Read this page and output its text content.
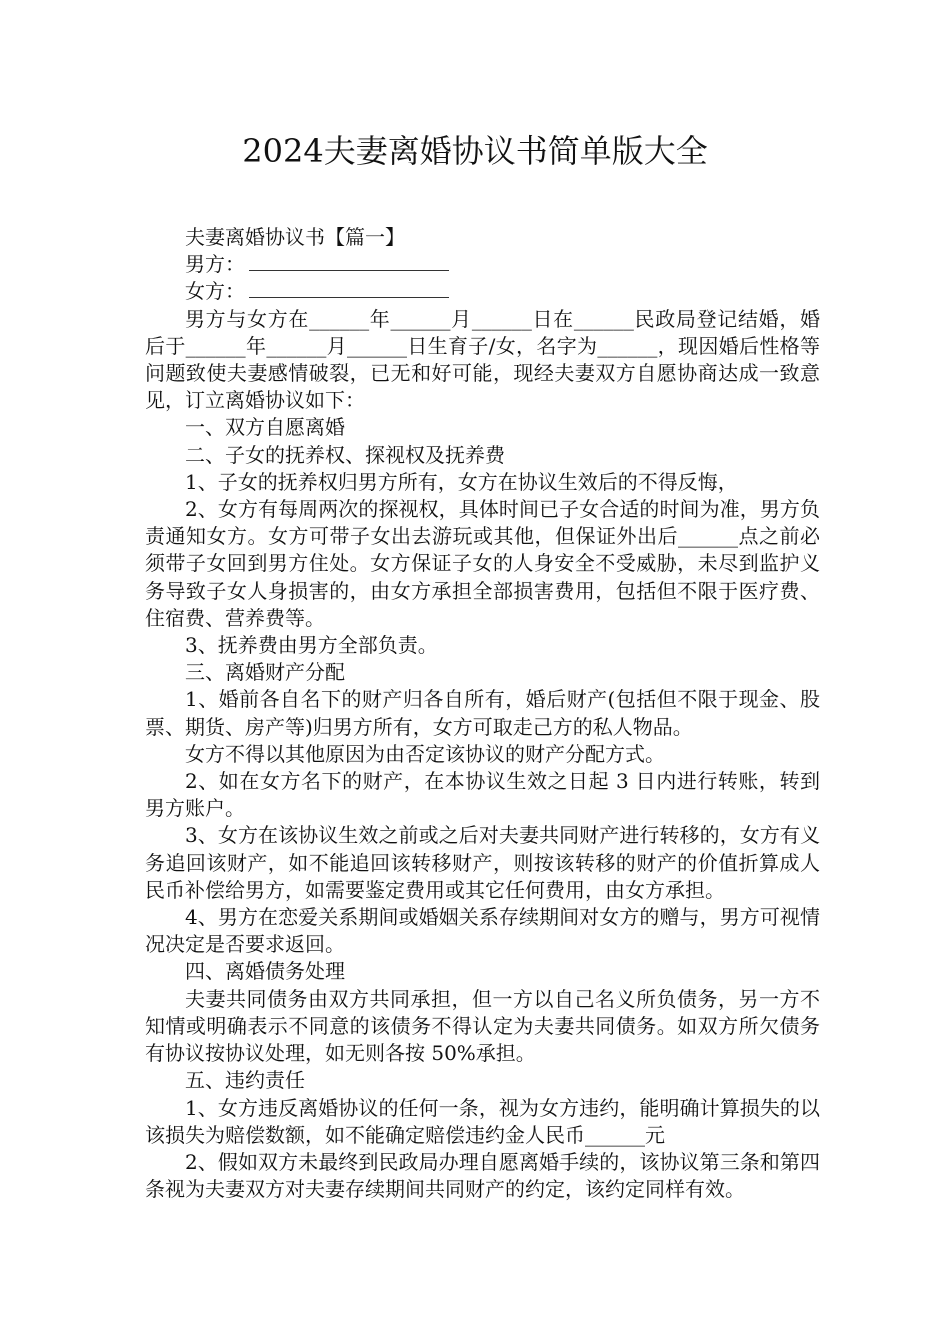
2024夫妻离婚协议书简单版大全

夫妻离婚协议书【篇一】

男方：

女方：

男方与女方在______年______月______日在______民政局登记结婚，婚后于______年______月______日生育子/女，名字为______，现因婚后性格等问题致使夫妻感情破裂，已无和好可能，现经夫妻双方自愿协商达成一致意见，订立离婚协议如下：

一、双方自愿离婚

二、子女的抚养权、探视权及抚养费

1、子女的抚养权归男方所有，女方在协议生效后的不得反悔，

2、女方有每周两次的探视权，具体时间已子女合适的时间为准，男方负责通知女方。女方可带子女出去游玩或其他，但保证外出后______点之前必须带子女回到男方住处。女方保证子女的人身安全不受威胁，未尽到监护义务导致子女人身损害的，由女方承担全部损害费用，包括但不限于医疗费、住宿费、营养费等。

3、抚养费由男方全部负责。

三、离婚财产分配

1、婚前各自名下的财产归各自所有，婚后财产(包括但不限于现金、股票、期货、房产等)归男方所有，女方可取走己方的私人物品。

女方不得以其他原因为由否定该协议的财产分配方式。

2、如在女方名下的财产，在本协议生效之日起 3 日内进行转账，转到男方账户。

3、女方在该协议生效之前或之后对夫妻共同财产进行转移的，女方有义务追回该财产，如不能追回该转移财产，则按该转移的财产的价值折算成人民币补偿给男方，如需要鉴定费用或其它任何费用，由女方承担。

4、男方在恋爱关系期间或婚姻关系存续期间对女方的赠与，男方可视情况决定是否要求返回。

四、离婚债务处理

夫妻共同债务由双方共同承担，但一方以自己名义所负债务，另一方不知情或明确表示不同意的该债务不得认定为夫妻共同债务。如双方所欠债务有协议按协议处理，如无则各按 50%承担。

五、违约责任

1、女方违反离婚协议的任何一条，视为女方违约，能明确计算损失的以该损失为赔偿数额，如不能确定赔偿违约金人民币______元

2、假如双方未最终到民政局办理自愿离婚手续的，该协议第三条和第四条视为夫妻双方对夫妻存续期间共同财产的约定，该约定同样有效。
